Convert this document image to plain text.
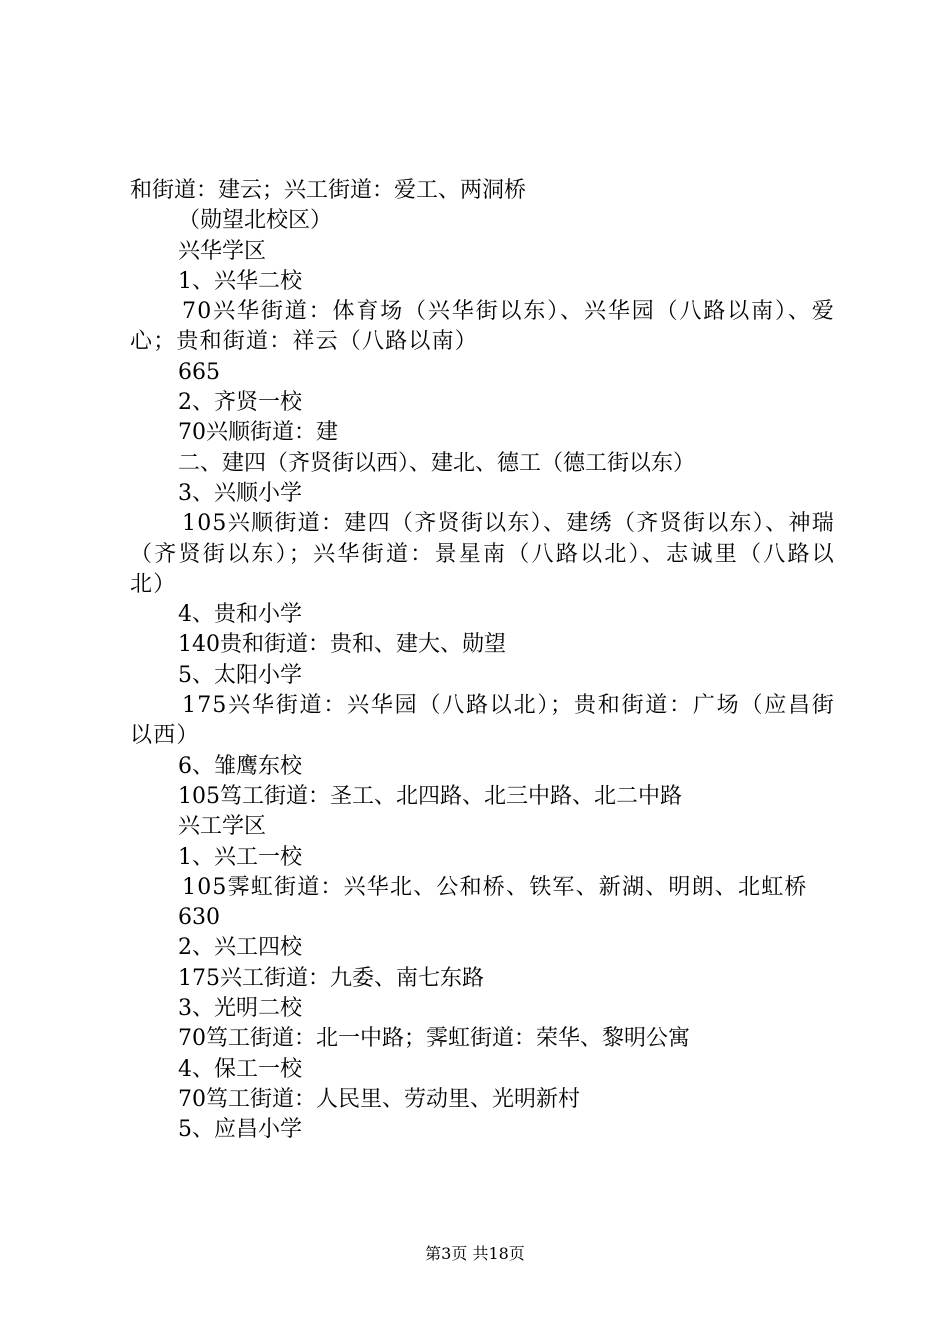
和街道：建云；兴工街道：爱工、两洞桥
（勋望北校区）
兴华学区
1、兴华二校
70兴华街道：体育场（兴华街以东）、兴华园（八路以南）、爱心；贵和街道：祥云（八路以南）
665
2、齐贤一校
70兴顺街道：建
二、建四（齐贤街以西）、建北、德工（德工街以东）
3、兴顺小学
105兴顺街道：建四（齐贤街以东）、建绣（齐贤街以东）、神瑞（齐贤街以东）；兴华街道：景星南（八路以北）、志诚里（八路以北）
4、贵和小学
140贵和街道：贵和、建大、勋望
5、太阳小学
175兴华街道：兴华园（八路以北）；贵和街道：广场（应昌街以西）
6、雏鹰东校
105笃工街道：圣工、北四路、北三中路、北二中路
兴工学区
1、兴工一校
105霁虹街道：兴华北、公和桥、铁军、新湖、明朗、北虹桥
630
2、兴工四校
175兴工街道：九委、南七东路
3、光明二校
70笃工街道：北一中路；霁虹街道：荣华、黎明公寓
4、保工一校
70笃工街道：人民里、劳动里、光明新村
5、应昌小学
第3页 共18页
